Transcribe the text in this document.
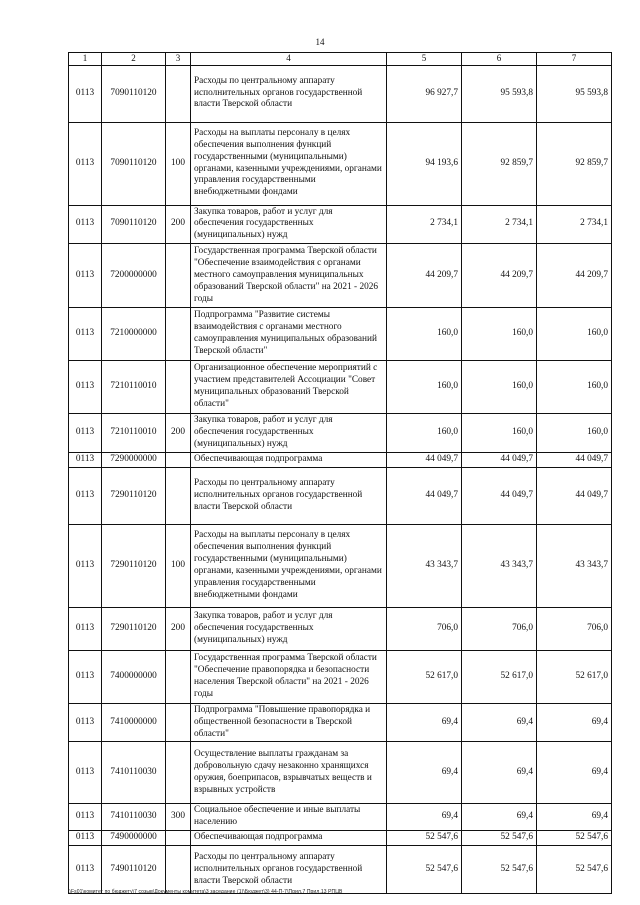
14
1	2	3	4	5	6	7
0113	7090110120		Расходы по центральному аппарату исполнительных органов государственной власти Тверской области	96 927,7	95 593,8	95 593,8
0113	7090110120	100	Расходы на выплаты персоналу в целях обеспечения выполнения функций государственными (муниципальными) органами, казенными учреждениями, органами управления государственными внебюджетными фондами	94 193,6	92 859,7	92 859,7
0113	7090110120	200	Закупка товаров, работ и услуг для обеспечения государственных (муниципальных) нужд	2 734,1	2 734,1	2 734,1
0113	7200000000		Государственная программа Тверской области "Обеспечение взаимодействия с органами местного самоуправления муниципальных образований Тверской области" на 2021 - 2026 годы	44 209,7	44 209,7	44 209,7
0113	7210000000		Подпрограмма "Развитие системы взаимодействия с органами местного самоуправления муниципальных образований Тверской области"	160,0	160,0	160,0
0113	7210110010		Организационное обеспечение мероприятий с участием представителей Ассоциации "Совет муниципальных образований Тверской области"	160,0	160,0	160,0
0113	7210110010	200	Закупка товаров, работ и услуг для обеспечения государственных (муниципальных) нужд	160,0	160,0	160,0
0113	7290000000		Обеспечивающая подпрограмма	44 049,7	44 049,7	44 049,7
0113	7290110120		Расходы по центральному аппарату исполнительных органов государственной власти Тверской области	44 049,7	44 049,7	44 049,7
0113	7290110120	100	Расходы на выплаты персоналу в целях обеспечения выполнения функций государственными (муниципальными) органами, казенными учреждениями, органами управления государственными внебюджетными фондами	43 343,7	43 343,7	43 343,7
0113	7290110120	200	Закупка товаров, работ и услуг для обеспечения государственных (муниципальных) нужд	706,0	706,0	706,0
0113	7400000000		Государственная программа Тверской области "Обеспечение правопорядка и безопасности населения Тверской области" на 2021 - 2026 годы	52 617,0	52 617,0	52 617,0
0113	7410000000		Подпрограмма "Повышение правопорядка и общественной безопасности в Тверской области"	69,4	69,4	69,4
0113	7410110030		Осуществление выплаты гражданам за добровольную сдачу незаконно хранящихся оружия, боеприпасов, взрывчатых веществ и взрывных устройств	69,4	69,4	69,4
0113	7410110030	300	Социальное обеспечение и иные выплаты населению	69,4	69,4	69,4
0113	7490000000		Обеспечивающая подпрограмма	52 547,6	52 547,6	52 547,6
0113	7490110120		Расходы по центральному аппарату исполнительных органов государственной власти Тверской области	52 547,6	52 547,6	52 547,6
\\Fs01\комитет по бюджету\7 созыв\Документы комитета\3 заседание (1)\Бюджет\3) 44-П-7\Прил.7 Прил.13 РПЦВ
